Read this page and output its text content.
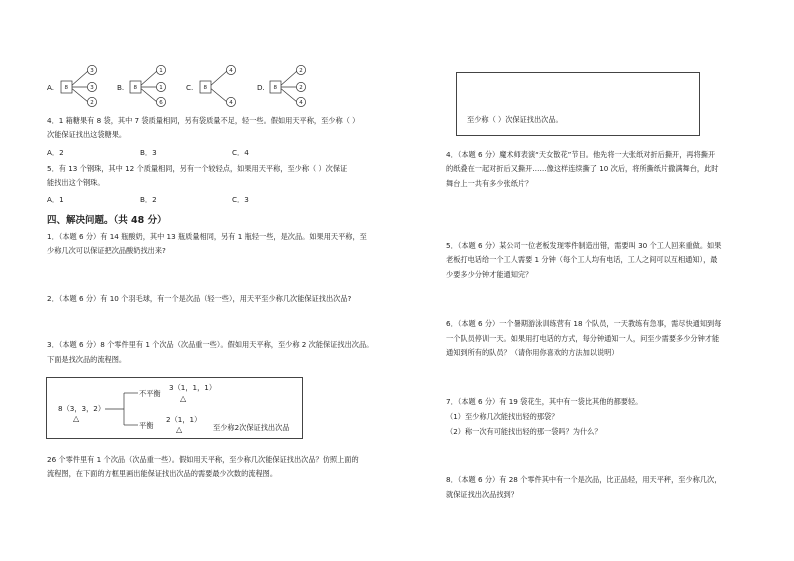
A. 8
3
3
2
B. 8
1
1
6
C. 8
4
4
D. 8
2
2
4
4．1 箱糖果有 8 袋，其中 7 袋质量相同，另有袋质量不足，轻一些。假如用天平称，至少称（ ）
次能保证找出这袋糖果。
A．2	B．3	C．4
5．有 13 个钢珠，其中 12 个质量相同，另有一个较轻点，如果用天平称，至少称（ ）次保证
能找出这个钢珠。
A．1	B．2	C．3
四、解决问题。（共 48 分）
1．（本题 6 分）有 14 瓶酸奶，其中 13 瓶质量相同，另有 1 瓶轻一些，是次品。如果用天平称，至
少称几次可以保证把次品酸奶找出来?
2．（本题 6 分）有 10 个羽毛球，有一个是次品（轻一些），用天平至少称几次能保证找出次品?
3．（本题 6 分）8 个零件里有 1 个次品（次品重一些）。假如用天平称，至少称 2 次能保证找出次品。
下面是找次品的流程图。
8（3，3，2）
△
不平衡
3（1，1，1）
△
平衡
2（1，1）
△	至少称2次保证找出次品
26 个零件里有 1 个次品（次品重一些）。假如用天平称，至少称几次能保证找出次品？仿照上面的
流程图，在下面的方框里画出能保证找出次品的需要最少次数的流程图。
至少称（ ）次保证找出次品。
4．（本题 6 分）魔术师表演“天女散花”节目。他先将一大张纸对折后撕开，再将撕开
的纸叠在一起对折后又撕开……像这样连续撕了 10 次后，将所撕纸片撒满舞台，此时
舞台上一共有多少张纸片？
5．（本题 6 分）某公司一位老板发现零件制造出错，需要叫 30 个工人回来重做。如果
老板打电话给一个工人需要 1 分钟（每个工人均有电话，工人之间可以互相通知），最
少要多少分钟才能通知完？
6．（本题 6 分）一个暑期游泳训练营有 18 个队员，一天教练有急事，需尽快通知到每
一个队员停训一天。如果用打电话的方式，每分钟通知一人，问至少需要多少分钟才能
通知到所有的队员？（请你用你喜欢的方法加以说明）
7．（本题 6 分）有 19 袋花生，其中有一袋比其他的都要轻。
（1）至少称几次能找出轻的那袋？
（2）称一次有可能找出轻的那一袋吗？为什么？
8．（本题 6 分）有 28 个零件其中有一个是次品，比正品轻，用天平秤，至少称几次，
就保证找出次品找到？
